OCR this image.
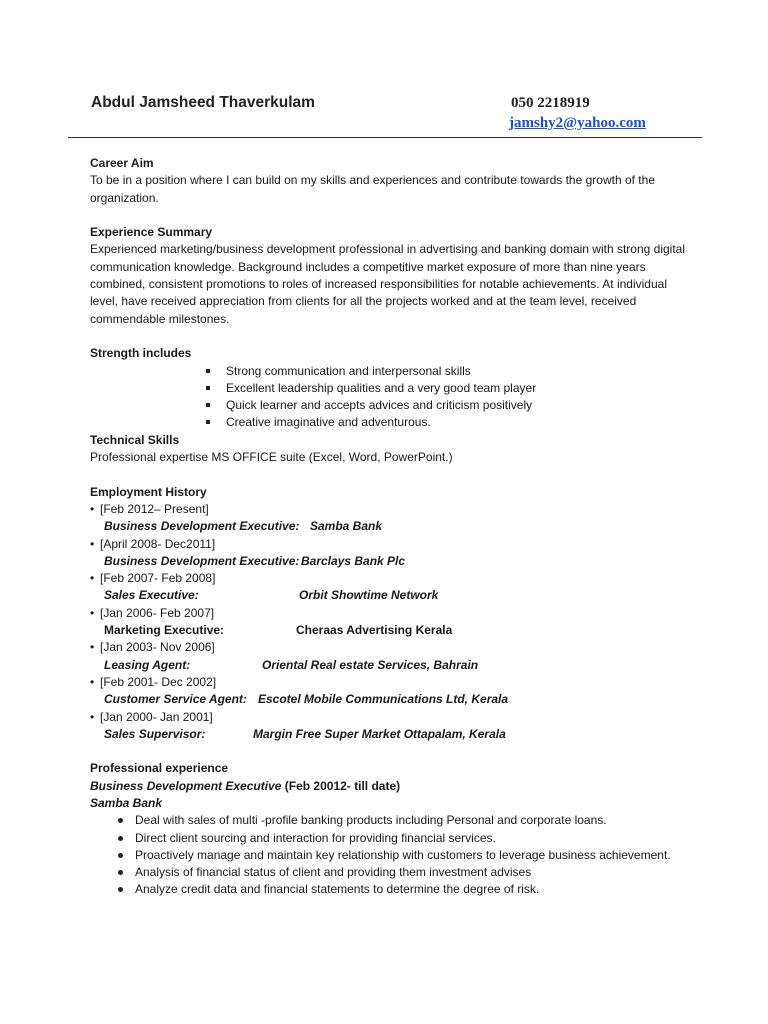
Abdul Jamsheed Thaverkulam	050 2218919
jamshy2@yahoo.com
Career Aim

To be in a position where I can build on my skills and experiences and contribute towards the growth of the organization.

Experience Summary

Experienced marketing/business development professional in advertising and banking domain with strong digital communication knowledge. Background includes a competitive market exposure of more than nine years combined, consistent promotions to roles of increased responsibilities for notable achievements. At individual level, have received appreciation from clients for all the projects worked and at the team level, received commendable milestones.

Strength includes
Strong communication and interpersonal skills
Excellent leadership qualities and a very good team player
Quick learner and accepts advices and criticism positively
Creative imaginative and adventurous.
Technical Skills

Professional expertise MS OFFICE suite (Excel, Word, PowerPoint.)

Employment History
• [Feb 2012– Present]
Business Development Executive: Samba Bank
• [April 2008- Dec2011]
Business Development Executive: Barclays Bank Plc
• [Feb 2007- Feb 2008]
Sales Executive:	Orbit Showtime Network
• [Jan 2006- Feb 2007]
Marketing Executive:	Cheraas Advertising Kerala
• [Jan 2003- Nov 2006]
Leasing Agent:	Oriental Real estate Services, Bahrain
• [Feb 2001- Dec 2002]
Customer Service Agent: Escotel Mobile Communications Ltd, Kerala
• [Jan 2000- Jan 2001]
Sales Supervisor:	Margin Free Super Market Ottapalam, Kerala
Professional experience
Business Development Executive (Feb 20012- till date)
Samba Bank
Deal with sales of multi -profile banking products including Personal and corporate loans.
Direct client sourcing and interaction for providing financial services.
Proactively manage and maintain key relationship with customers to leverage business achievement.
Analysis of financial status of client and providing them investment advises
Analyze credit data and financial statements to determine the degree of risk.
